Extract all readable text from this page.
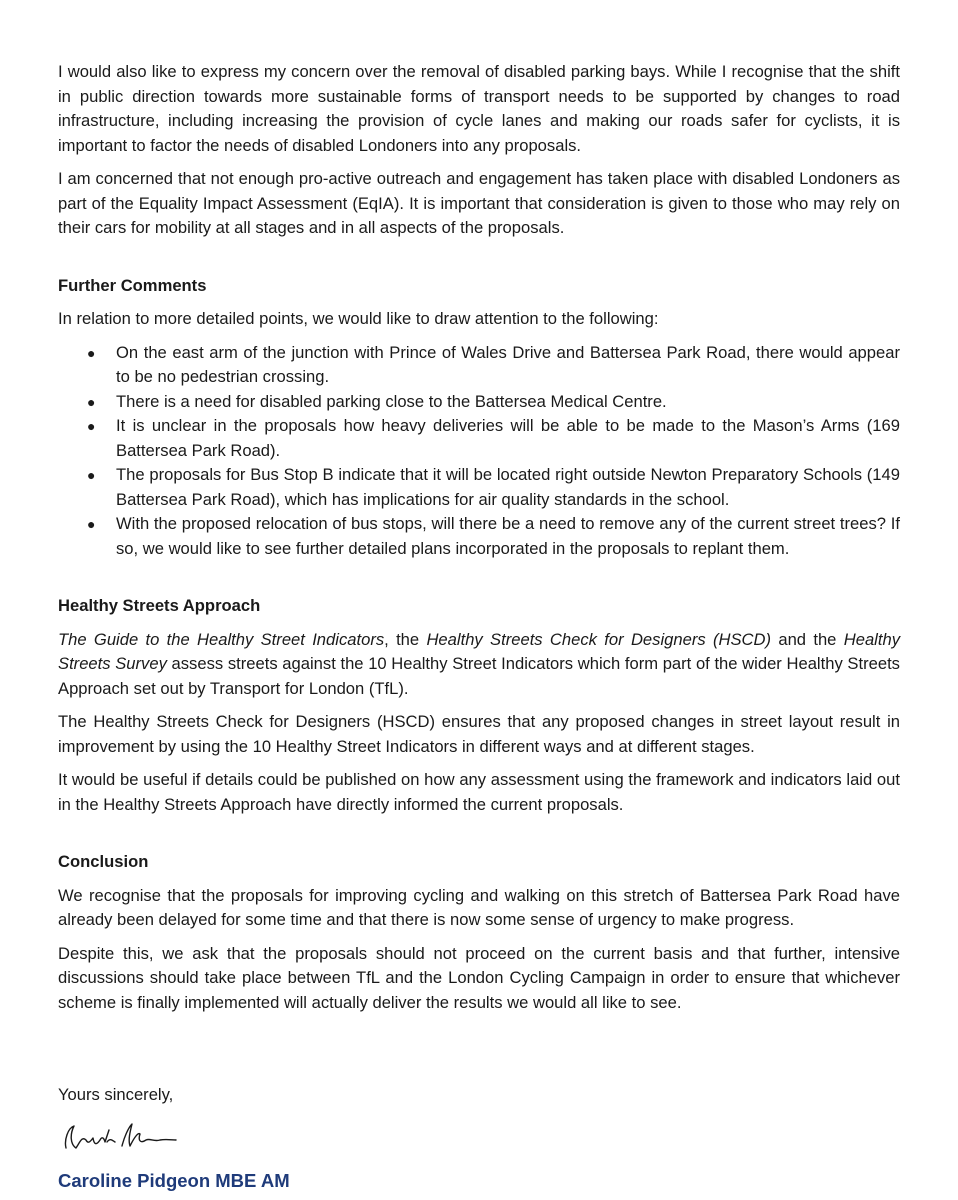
I would also like to express my concern over the removal of disabled parking bays. While I recognise that the shift in public direction towards more sustainable forms of transport needs to be supported by changes to road infrastructure, including increasing the provision of cycle lanes and making our roads safer for cyclists, it is important to factor the needs of disabled Londoners into any proposals.

I am concerned that not enough pro-active outreach and engagement has taken place with disabled Londoners as part of the Equality Impact Assessment (EqIA). It is important that consideration is given to those who may rely on their cars for mobility at all stages and in all aspects of the proposals.

Further Comments

In relation to more detailed points, we would like to draw attention to the following:

● On the east arm of the junction with Prince of Wales Drive and Battersea Park Road, there would appear to be no pedestrian crossing.
● There is a need for disabled parking close to the Battersea Medical Centre.
● It is unclear in the proposals how heavy deliveries will be able to be made to the Mason’s Arms (169 Battersea Park Road).
● The proposals for Bus Stop B indicate that it will be located right outside Newton Preparatory Schools (149 Battersea Park Road), which has implications for air quality standards in the school.
● With the proposed relocation of bus stops, will there be a need to remove any of the current street trees? If so, we would like to see further detailed plans incorporated in the proposals to replant them.
Healthy Streets Approach

The Guide to the Healthy Street Indicators, the Healthy Streets Check for Designers (HSCD) and the Healthy Streets Survey assess streets against the 10 Healthy Street Indicators which form part of the wider Healthy Streets Approach set out by Transport for London (TfL).

The Healthy Streets Check for Designers (HSCD) ensures that any proposed changes in street layout result in improvement by using the 10 Healthy Street Indicators in different ways and at different stages.

It would be useful if details could be published on how any assessment using the framework and indicators laid out in the Healthy Streets Approach have directly informed the current proposals.

Conclusion

We recognise that the proposals for improving cycling and walking on this stretch of Battersea Park Road have already been delayed for some time and that there is now some sense of urgency to make progress.

Despite this, we ask that the proposals should not proceed on the current basis and that further, intensive discussions should take place between TfL and the London Cycling Campaign in order to ensure that whichever scheme is finally implemented will actually deliver the results we would all like to see.

Yours sincerely,
Caroline Pidgeon MBE AM
